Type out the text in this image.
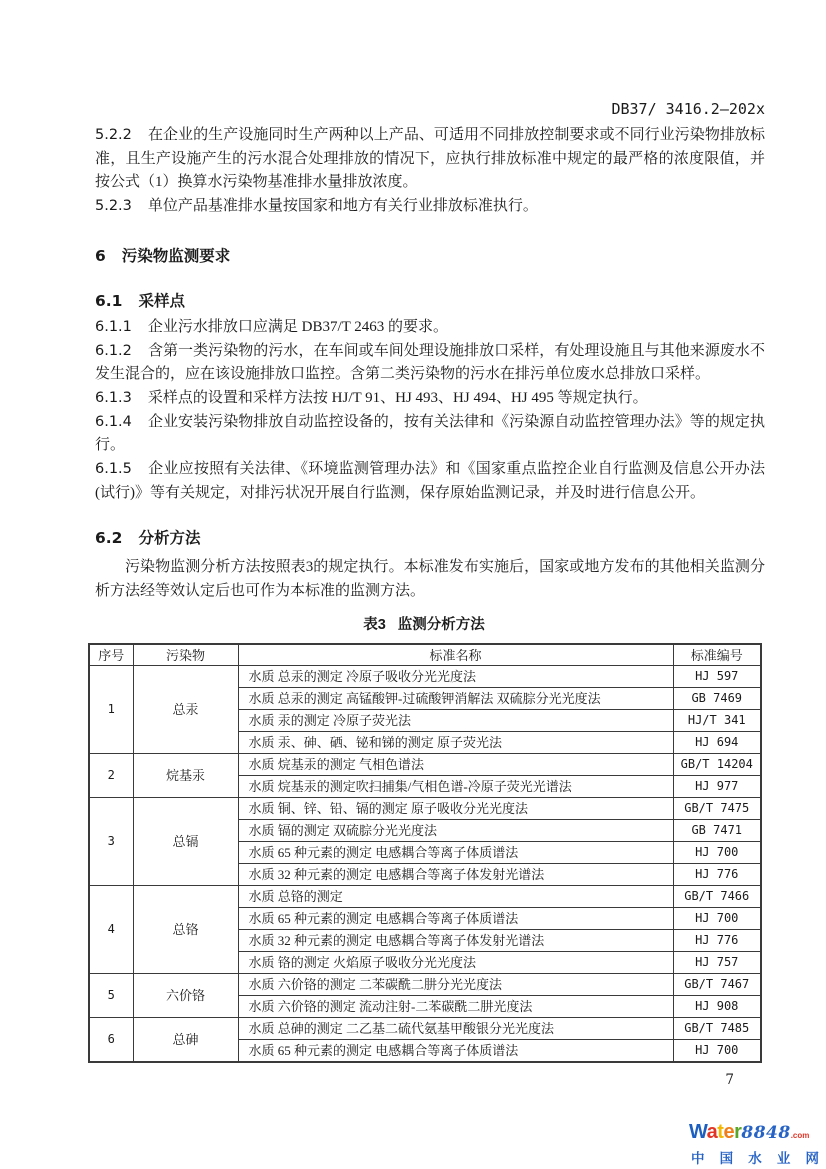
DB37/ 3416.2—202x

5.2.2 在企业的生产设施同时生产两种以上产品、可适用不同排放控制要求或不同行业污染物排放标准，且生产设施产生的污水混合处理排放的情况下，应执行排放标准中规定的最严格的浓度限值，并按公式（1）换算水污染物基准排水量排放浓度。

5.2.3 单位产品基准排水量按国家和地方有关行业排放标准执行。

6 污染物监测要求
6.1 采样点

6.1.1 企业污水排放口应满足 DB37/T 2463 的要求。

6.1.2 含第一类污染物的污水，在车间或车间处理设施排放口采样，有处理设施且与其他来源废水不发生混合的，应在该设施排放口监控。含第二类污染物的污水在排污单位废水总排放口采样。

6.1.3 采样点的设置和采样方法按 HJ/T 91、HJ 493、HJ 494、HJ 495 等规定执行。

6.1.4 企业安装污染物排放自动监控设备的，按有关法律和《污染源自动监控管理办法》等的规定执行。

6.1.5 企业应按照有关法律、《环境监测管理办法》和《国家重点监控企业自行监测及信息公开办法(试行)》等有关规定，对排污状况开展自行监测，保存原始监测记录，并及时进行信息公开。

6.2 分析方法

污染物监测分析方法按照表3的规定执行。本标准发布实施后，国家或地方发布的其他相关监测分析方法经等效认定后也可作为本标准的监测方法。

表3 监测分析方法
序号	污染物	标准名称	标准编号
1	总汞	水质 总汞的测定 冷原子吸收分光光度法	HJ 597
		水质 总汞的测定 高锰酸钾-过硫酸钾消解法 双硫腙分光光度法	GB 7469
		水质 汞的测定 冷原子荧光法	HJ/T 341
		水质 汞、砷、硒、铋和锑的测定 原子荧光法	HJ 694
2	烷基汞	水质 烷基汞的测定 气相色谱法	GB/T 14204
		水质 烷基汞的测定吹扫捕集/气相色谱-冷原子荧光光谱法	HJ 977
3	总镉	水质 铜、锌、铅、镉的测定 原子吸收分光光度法	GB/T 7475
		水质 镉的测定 双硫腙分光光度法	GB 7471
		水质 65 种元素的测定 电感耦合等离子体质谱法	HJ 700
		水质 32 种元素的测定 电感耦合等离子体发射光谱法	HJ 776
4	总铬	水质 总铬的测定	GB/T 7466
		水质 65 种元素的测定 电感耦合等离子体质谱法	HJ 700
		水质 32 种元素的测定 电感耦合等离子体发射光谱法	HJ 776
		水质 铬的测定 火焰原子吸收分光光度法	HJ 757
5	六价铬	水质 六价铬的测定 二苯碳酰二肼分光光度法	GB/T 7467
		水质 六价铬的测定 流动注射-二苯碳酰二肼光度法	HJ 908
6	总砷	水质 总砷的测定 二乙基二硫代氨基甲酸银分光光度法	GB/T 7485
		水质 65 种元素的测定 电感耦合等离子体质谱法	HJ 700
7
Water8848.com
中 国 水 业 网
